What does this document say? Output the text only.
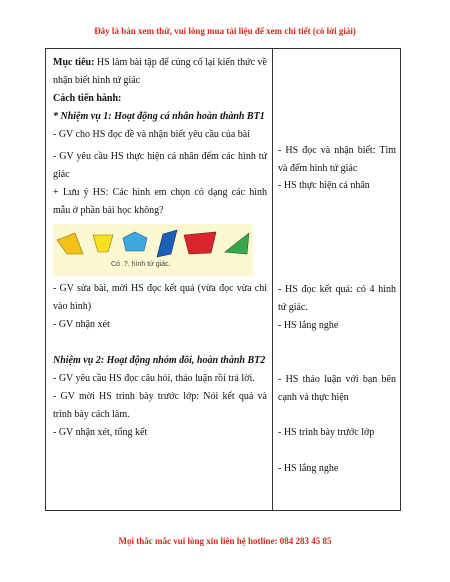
Đây là bản xem thử, vui lòng mua tài liệu để xem chi tiết (có lời giải)
Mục tiêu: HS làm bài tập để củng cố lại kiến thức về nhận biết hình tứ giác
Cách tiến hành:
* Nhiệm vụ 1: Hoạt động cá nhân hoàn thành BT1
- GV cho HS đọc đề và nhận biết yêu cầu của bài
- GV yêu cầu HS thực hiện cá nhân đếm các hình tứ giác
+ Lưu ý HS: Các hình em chọn có dạng các hình mẫu ở phần bài học không?
Có .?. hình tứ giác.
- GV sửa bài, mời HS đọc kết quả (vừa đọc vừa chỉ vào hình)
- GV nhận xét
Nhiệm vụ 2: Hoạt động nhóm đôi, hoàn thành BT2
- GV yêu cầu HS đọc câu hỏi, thảo luận rồi trả lời.
- GV mời HS trình bày trước lớp: Nói kết quả và trình bày cách làm.
- GV nhận xét, tổng kết
- HS đọc và nhận biết: Tìm và đếm hình tứ giác
- HS thực hiện cá nhân
- HS đọc kết quả: có 4 hình tứ giác.
- HS lắng nghe
- HS thảo luận với bạn bên cạnh và thực hiện
- HS trình bày trước lớp
- HS lắng nghe
Mọi thắc mắc vui lòng xin liên hệ hotline: 084 283 45 85
